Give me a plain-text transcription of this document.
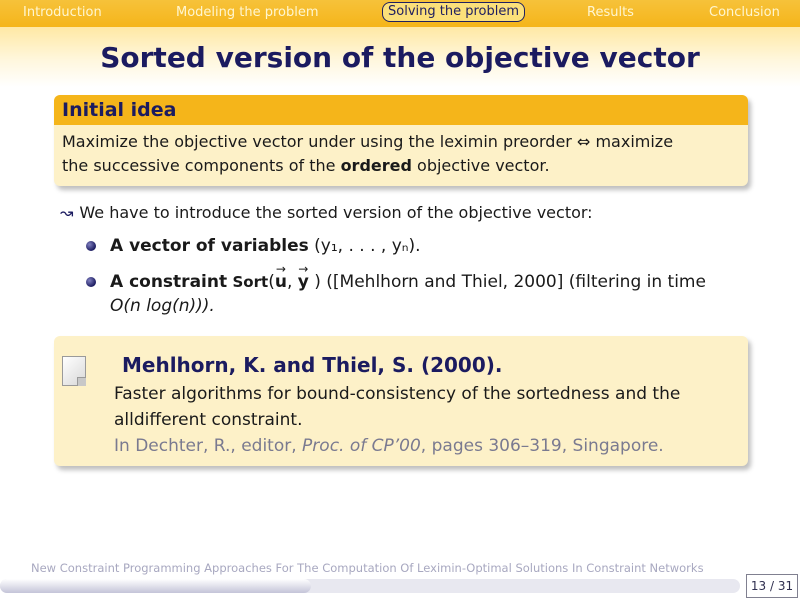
Introduction	Modeling the problem	Solving the problem	Results	Conclusion
Sorted version of the objective vector
Initial idea
Maximize the objective vector under using the leximin preorder ⇔ maximize
the successive components of the ordered objective vector.
↝ We have to introduce the sorted version of the objective vector:
A vector of variables (y₁, . . . , yₙ).
A constraint Sort(→ u, → y ) ([Mehlhorn and Thiel, 2000] (filtering in time
O(n log(n))).
Mehlhorn, K. and Thiel, S. (2000).
Faster algorithms for bound-consistency of the sortedness and the alldifferent constraint.
In Dechter, R., editor, Proc. of CP’00, pages 306–319, Singapore.
New Constraint Programming Approaches For The Computation Of Leximin-Optimal Solutions In Constraint Networks
13 / 31
